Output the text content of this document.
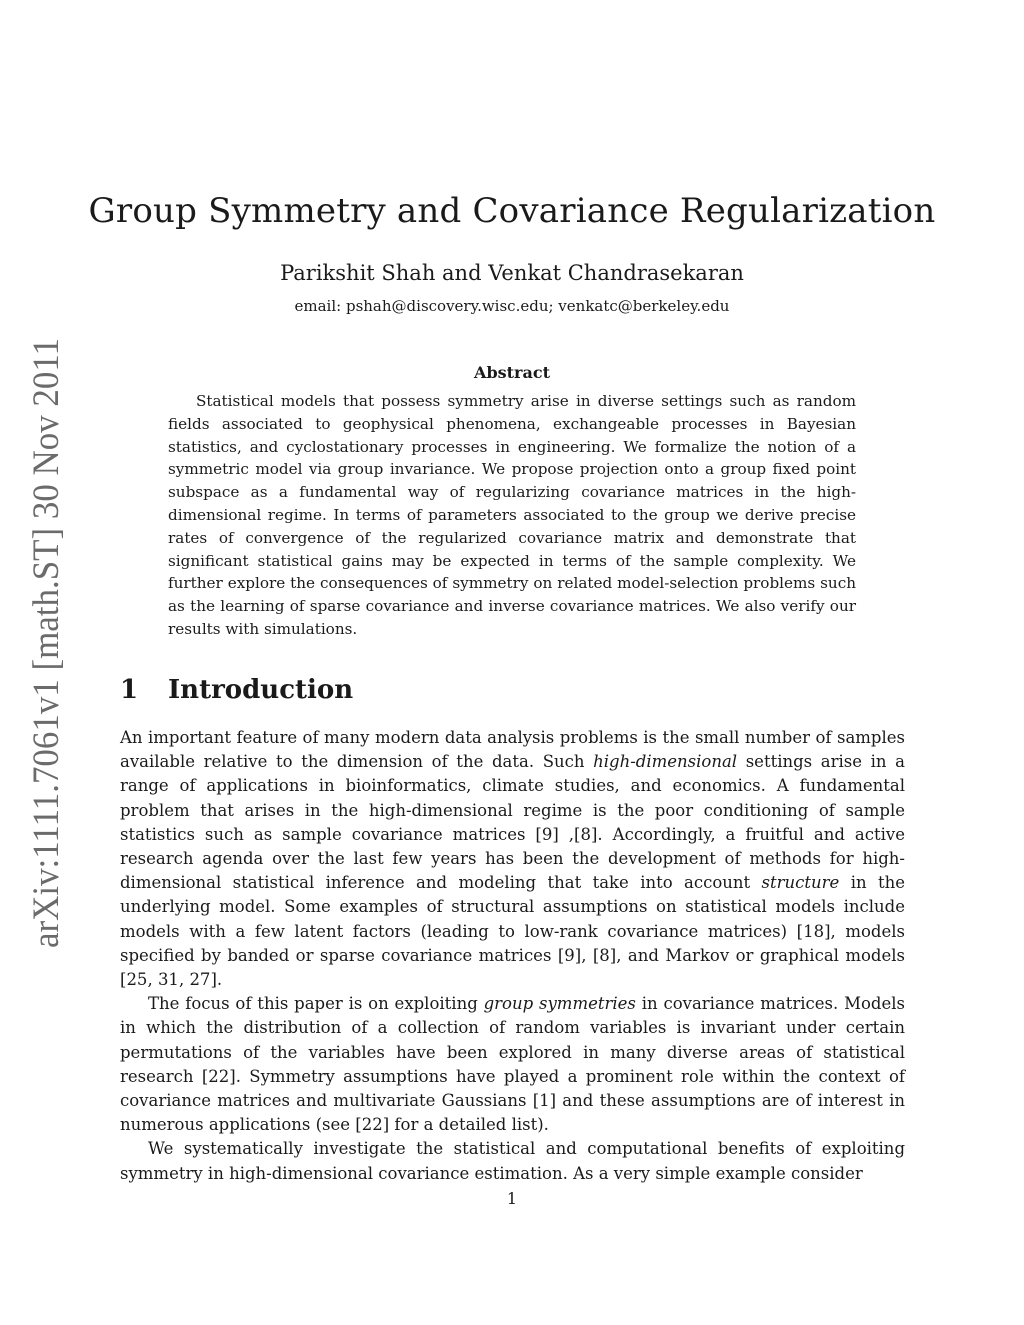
arXiv:1111.7061v1 [math.ST] 30 Nov 2011
Group Symmetry and Covariance Regularization
Parikshit Shah and Venkat Chandrasekaran
email: pshah@discovery.wisc.edu; venkatc@berkeley.edu
Abstract

Statistical models that possess symmetry arise in diverse settings such as random fields associated to geophysical phenomena, exchangeable processes in Bayesian statistics, and cyclostationary processes in engineering. We formalize the notion of a symmetric model via group invariance. We propose projection onto a group fixed point subspace as a fundamental way of regularizing covariance matrices in the high-dimensional regime. In terms of parameters associated to the group we derive precise rates of convergence of the regularized covariance matrix and demonstrate that significant statistical gains may be expected in terms of the sample complexity. We further explore the consequences of symmetry on related model-selection problems such as the learning of sparse covariance and inverse covariance matrices. We also verify our results with simulations.

1 Introduction

An important feature of many modern data analysis problems is the small number of samples available relative to the dimension of the data. Such high-dimensional settings arise in a range of applications in bioinformatics, climate studies, and economics. A fundamental problem that arises in the high-dimensional regime is the poor conditioning of sample statistics such as sample covariance matrices [9] ,[8]. Accordingly, a fruitful and active research agenda over the last few years has been the development of methods for high-dimensional statistical inference and modeling that take into account structure in the underlying model. Some examples of structural assumptions on statistical models include models with a few latent factors (leading to low-rank covariance matrices) [18], models specified by banded or sparse covariance matrices [9], [8], and Markov or graphical models [25, 31, 27].

The focus of this paper is on exploiting group symmetries in covariance matrices. Models in which the distribution of a collection of random variables is invariant under certain permutations of the variables have been explored in many diverse areas of statistical research [22]. Symmetry assumptions have played a prominent role within the context of covariance matrices and multivariate Gaussians [1] and these assumptions are of interest in numerous applications (see [22] for a detailed list).

We systematically investigate the statistical and computational benefits of exploiting symmetry in high-dimensional covariance estimation. As a very simple example consider

1
